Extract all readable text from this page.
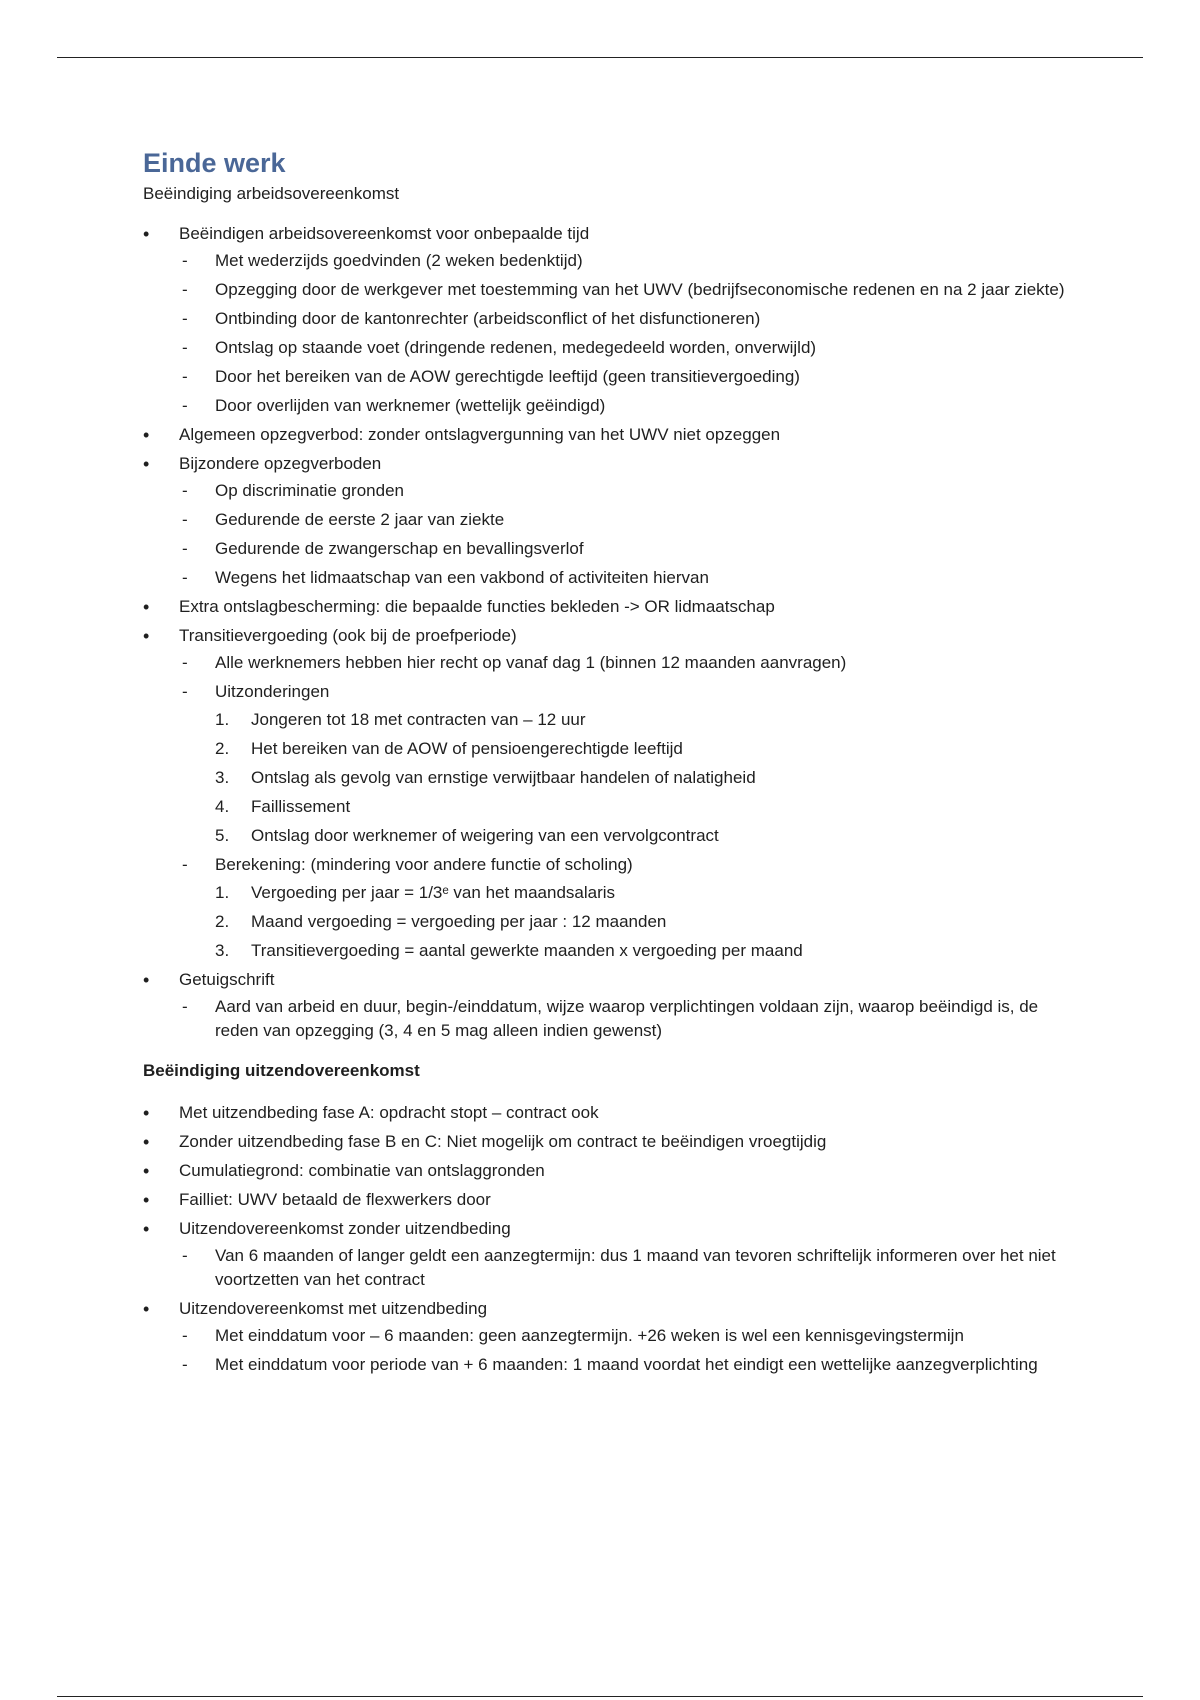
Einde werk
Beëindiging arbeidsovereenkomst
•
Beëindigen arbeidsovereenkomst voor onbepaalde tijd
- Met wederzijds goedvinden (2 weken bedenktijd)
- Opzegging door de werkgever met toestemming van het UWV (bedrijfseconomische redenen en na 2 jaar ziekte)
- Ontbinding door de kantonrechter (arbeidsconflict of het disfunctioneren)
- Ontslag op staande voet (dringende redenen, medegedeeld worden, onverwijld)
- Door het bereiken van de AOW gerechtigde leeftijd (geen transitievergoeding)
- Door overlijden van werknemer (wettelijk geëindigd)
•
Algemeen opzegverbod: zonder ontslagvergunning van het UWV niet opzeggen
•
Bijzondere opzegverboden
- Op discriminatie gronden
- Gedurende de eerste 2 jaar van ziekte
- Gedurende de zwangerschap en bevallingsverlof
- Wegens het lidmaatschap van een vakbond of activiteiten hiervan
•
Extra ontslagbescherming: die bepaalde functies bekleden -> OR lidmaatschap
•
Transitievergoeding (ook bij de proefperiode)
- Alle werknemers hebben hier recht op vanaf dag 1 (binnen 12 maanden aanvragen)
- Uitzonderingen
1. Jongeren tot 18 met contracten van – 12 uur
2. Het bereiken van de AOW of pensioengerechtigde leeftijd
3. Ontslag als gevolg van ernstige verwijtbaar handelen of nalatigheid
4. Faillissement
5. Ontslag door werknemer of weigering van een vervolgcontract
- Berekening: (mindering voor andere functie of scholing)
1. Vergoeding per jaar = 1/3ᵉ van het maandsalaris
2. Maand vergoeding = vergoeding per jaar : 12 maanden
3. Transitievergoeding = aantal gewerkte maanden x vergoeding per maand
•
Getuigschrift
- Aard van arbeid en duur, begin-/einddatum, wijze waarop verplichtingen voldaan zijn, waarop beëindigd is, de reden van opzegging (3, 4 en 5 mag alleen indien gewenst)
Beëindiging uitzendovereenkomst
•
Met uitzendbeding fase A: opdracht stopt – contract ook
•
Zonder uitzendbeding fase B en C: Niet mogelijk om contract te beëindigen vroegtijdig
•
Cumulatiegrond: combinatie van ontslaggronden
•
Failliet: UWV betaald de flexwerkers door
•
Uitzendovereenkomst zonder uitzendbeding
- Van 6 maanden of langer geldt een aanzegtermijn: dus 1 maand van tevoren schriftelijk informeren over het niet voortzetten van het contract
•
Uitzendovereenkomst met uitzendbeding
- Met einddatum voor – 6 maanden: geen aanzegtermijn. +26 weken is wel een kennisgevingstermijn
- Met einddatum voor periode van + 6 maanden: 1 maand voordat het eindigt een wettelijke aanzegverplichting
